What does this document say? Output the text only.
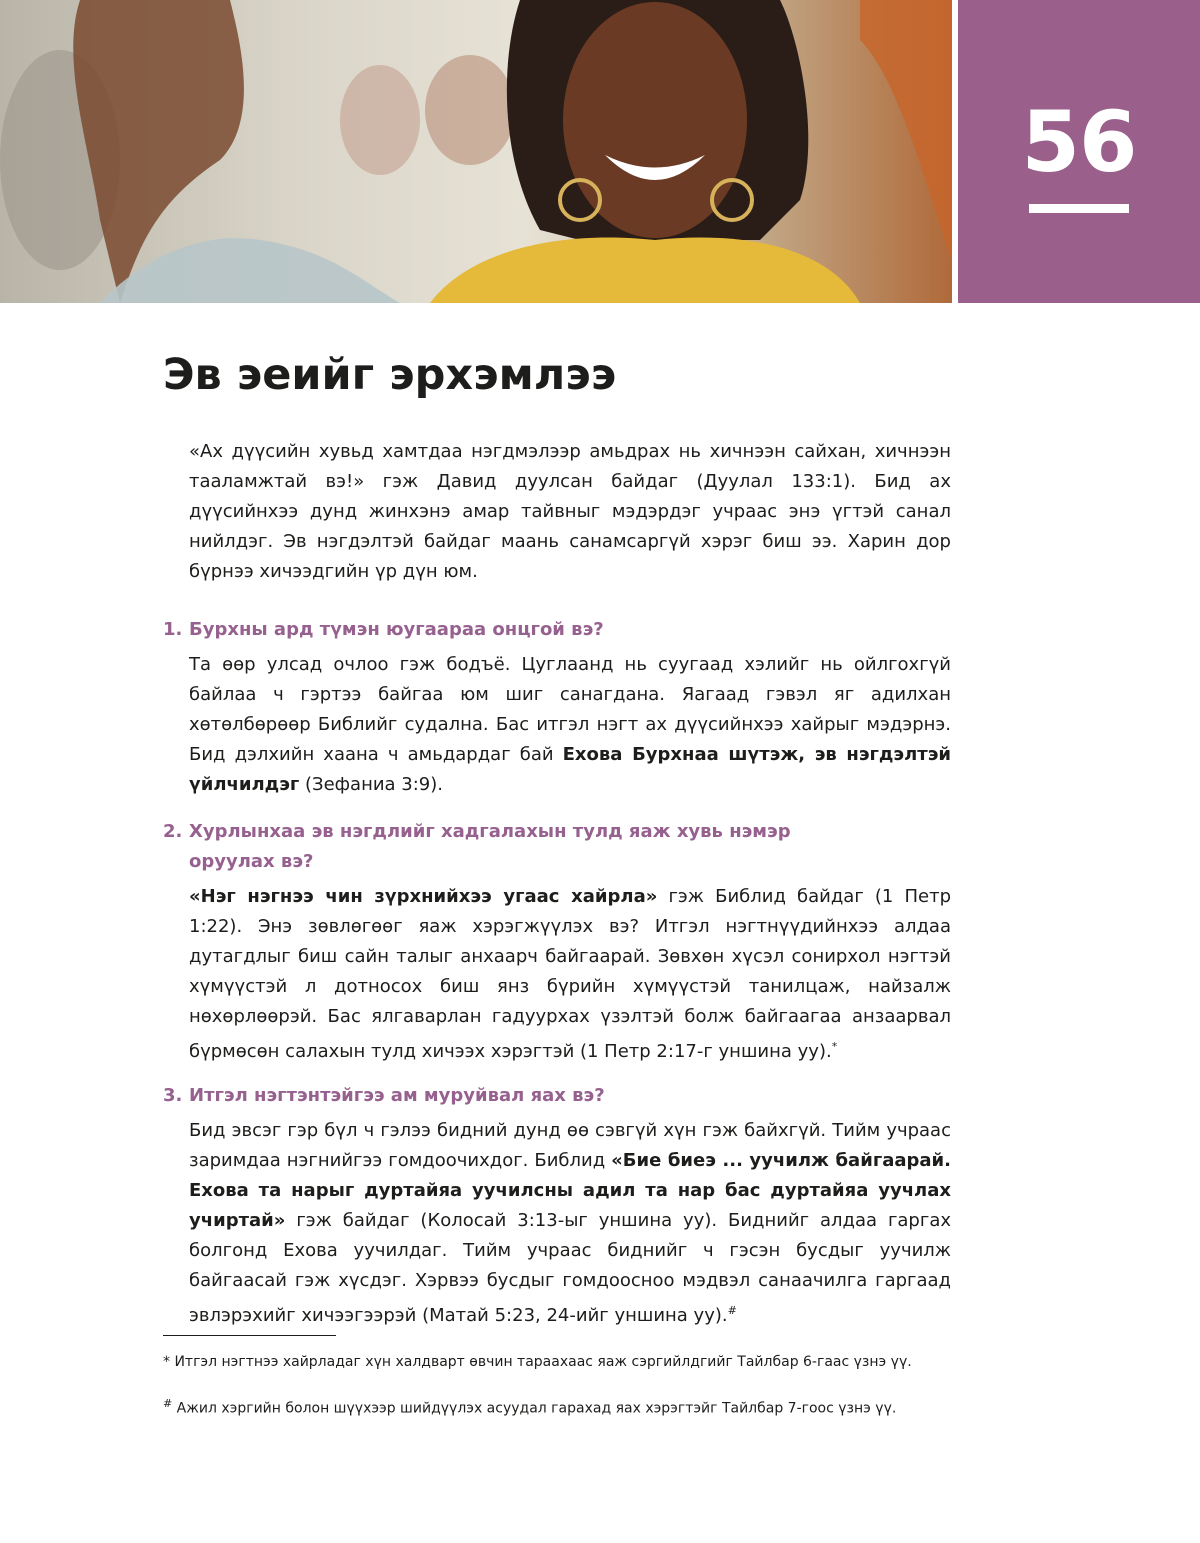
56
Эв эеийг эрхэмлээ

«Ах дүүсийн хувьд хамтдаа нэгдмэлээр амьдрах нь хичнээн сайхан, хичнээн тааламжтай вэ!» гэж Давид дуулсан байдаг (Дуулал 133:1). Бид ах дүүсийнхээ дунд жинхэнэ амар тайвныг мэдэрдэг учраас энэ үгтэй санал нийлдэг. Эв нэгдэлтэй байдаг маань санамсаргүй хэрэг биш ээ. Харин дор бүрнээ хичээдгийн үр дүн юм.

1. Бурхны ард түмэн юугаараа онцгой вэ?

Та өөр улсад очлоо гэж бодъё. Цуглаанд нь суугаад хэлийг нь ойлгохгүй байлаа ч гэртээ байгаа юм шиг санагдана. Яагаад гэвэл яг адилхан хөтөлбөрөөр Библийг судална. Бас итгэл нэгт ах дүүсийнхээ хайрыг мэдэрнэ. Бид дэлхийн хаана ч амьдардаг бай Ехова Бурхнаа шүтэж, эв нэгдэлтэй үйлчилдэг (Зефаниа 3:9).

2. Хурлынхаа эв нэгдлийг хадгалахын тулд яаж хувь нэмэр оруулах вэ?

«Нэг нэгнээ чин зүрхнийхээ угаас хайрла» гэж Библид байдаг (1 Петр 1:22). Энэ зөвлөгөөг яаж хэрэгжүүлэх вэ? Итгэл нэгтнүүдийнхээ алдаа дутагдлыг биш сайн талыг анхаарч байгаарай. Зөвхөн хүсэл сонирхол нэгтэй хүмүүстэй л дотносох биш янз бүрийн хүмүүстэй танилцаж, найзалж нөхөрлөөрэй. Бас ялгаварлан гадуурхах үзэлтэй болж байгаагаа анзаарвал бүрмөсөн салахын тулд хичээх хэрэгтэй (1 Петр 2:17-г уншина уу).*

3. Итгэл нэгтэнтэйгээ ам муруйвал яах вэ?

Бид эвсэг гэр бүл ч гэлээ бидний дунд өө сэвгүй хүн гэж байхгүй. Тийм учраас заримдаа нэгнийгээ гомдоочихдог. Библид «Бие биеэ ... уучилж байгаарай. Ехова та нарыг дуртайяа уучилсны адил та нар бас дуртайяа уучлах учиртай» гэж байдаг (Колосай 3:13-ыг уншина уу). Биднийг алдаа гаргах болгонд Ехова уучилдаг. Тийм учраас биднийг ч гэсэн бусдыг уучилж байгаасай гэж хүсдэг. Хэрвээ бусдыг гомдоосноо мэдвэл санаачилга гаргаад эвлэрэхийг хичээгээрэй (Матай 5:23, 24-ийг уншина уу).#

* Итгэл нэгтнээ хайрладаг хүн халдварт өвчин тараахаас яаж сэргийлдгийг Тайлбар 6-гаас үзнэ үү.

# Ажил хэргийн болон шүүхээр шийдүүлэх асуудал гарахад яах хэрэгтэйг Тайлбар 7-гоос үзнэ үү.
